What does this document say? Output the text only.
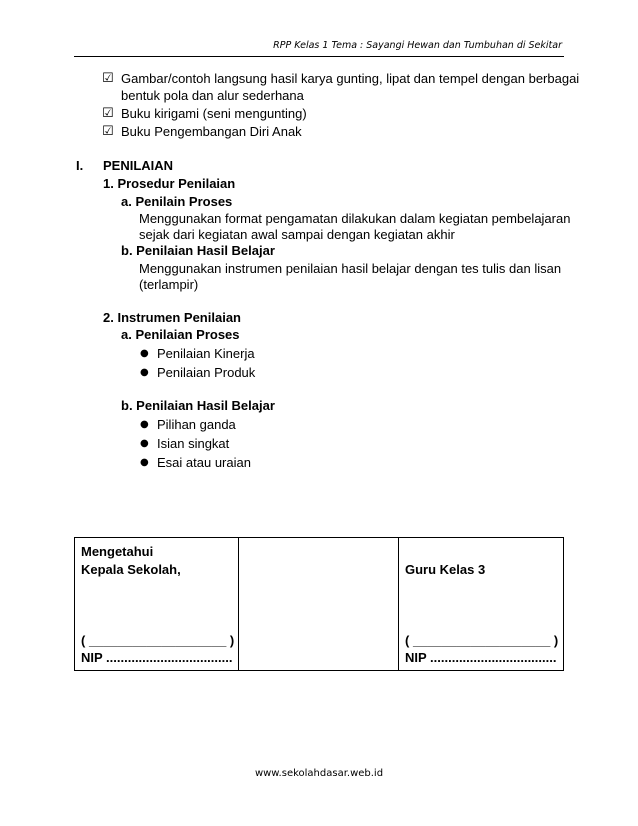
RPP Kelas 1 Tema : Sayangi Hewan dan Tumbuhan di Sekitar
☑ Gambar/contoh langsung hasil karya gunting, lipat dan tempel dengan berbagai
bentuk pola dan alur sederhana
☑ Buku kirigami (seni mengunting)
☑ Buku Pengembangan Diri Anak
I. PENILAIAN
1. Prosedur Penilaian
a. Penilain Proses
Menggunakan format pengamatan dilakukan dalam kegiatan pembelajaran
sejak dari kegiatan awal sampai dengan kegiatan akhir
b. Penilaian Hasil Belajar
Menggunakan instrumen penilaian hasil belajar dengan tes tulis dan lisan
(terlampir)
2. Instrumen Penilaian
a. Penilaian Proses
● Penilaian Kinerja
● Penilaian Produk
b. Penilaian Hasil Belajar
● Pilihan ganda
● Isian singkat
● Esai atau uraian
Mengetahui
Kepala Sekolah,
( ___________________ )
NIP ...................................
Guru Kelas 3
( ___________________ )
NIP ...................................
www.sekolahdasar.web.id
